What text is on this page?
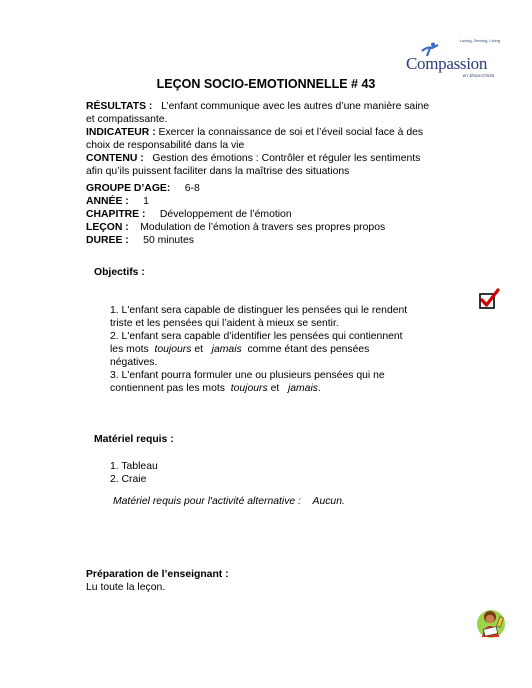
Loving, Serving, Living
Compassion
en Jésus-Christ
LEÇON SOCIO-EMOTIONNELLE # 43
RÉSULTATS : L’enfant communique avec les autres d’une manière saine
et compatissante.
INDICATEUR : Exercer la connaissance de soi et l’éveil social face à des
choix de responsabilité dans la vie
CONTENU : Gestion des émotions : Contrôler et réguler les sentiments
afin qu’ils puissent faciliter dans la maîtrise des situations
GROUPE D’AGE: 6-8
ANNÉE : 1
CHAPITRE : Développement de l’émotion
LEÇON : Modulation de l’émotion à travers ses propres propos
DUREE : 50 minutes
Objectifs :
1. L'enfant sera capable de distinguer les pensées qui le rendent
triste et les pensées qui l’aident à mieux se sentir.
2. L'enfant sera capable d’identifier les pensées qui contiennent
les mots  toujours et   jamais  comme étant des pensées
négatives.
3. L'enfant pourra formuler une ou plusieurs pensées qui ne
contiennent pas les mots  toujours et   jamais.
Matériel requis :
1. Tableau
2. Craie
Matériel requis pour l'activité alternative : Aucun.
Préparation de l’enseignant :
Lu toute la leçon.
